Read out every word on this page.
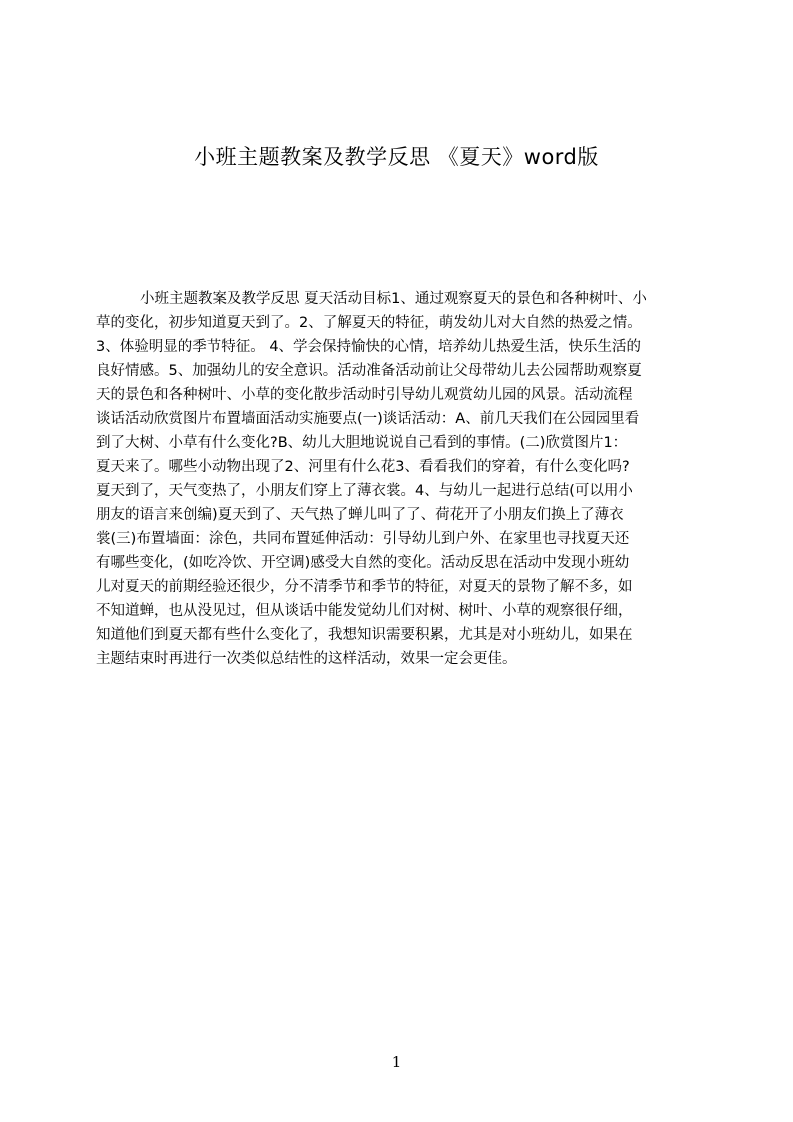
小班主题教案及教学反思 《夏天》word版
小班主题教案及教学反思 夏天活动目标1、通过观察夏天的景色和各种树叶、小
草的变化，初步知道夏天到了。2、了解夏天的特征，萌发幼儿对大自然的热爱之情。
3、体验明显的季节特征。 4、学会保持愉快的心情，培养幼儿热爱生活，快乐生活的
良好情感。5、加强幼儿的安全意识。活动准备活动前让父母带幼儿去公园帮助观察夏
天的景色和各种树叶、小草的变化散步活动时引导幼儿观赏幼儿园的风景。活动流程
谈话活动欣赏图片布置墙面活动实施要点(一)谈话活动：A、前几天我们在公园园里看
到了大树、小草有什么变化?B、幼儿大胆地说说自己看到的事情。(二)欣赏图片1：
夏天来了。哪些小动物出现了2、河里有什么花3、看看我们的穿着，有什么变化吗?
夏天到了，天气变热了，小朋友们穿上了薄衣裳。4、与幼儿一起进行总结(可以用小
朋友的语言来创编)夏天到了、天气热了蝉儿叫了了、荷花开了小朋友们换上了薄衣
裳(三)布置墙面：涂色，共同布置延伸活动：引导幼儿到户外、在家里也寻找夏天还
有哪些变化，(如吃冷饮、开空调)感受大自然的变化。活动反思在活动中发现小班幼
儿对夏天的前期经验还很少，分不清季节和季节的特征，对夏天的景物了解不多，如
不知道蝉，也从没见过，但从谈话中能发觉幼儿们对树、树叶、小草的观察很仔细，
知道他们到夏天都有些什么变化了，我想知识需要积累，尤其是对小班幼儿，如果在
主题结束时再进行一次类似总结性的这样活动，效果一定会更佳。
1
